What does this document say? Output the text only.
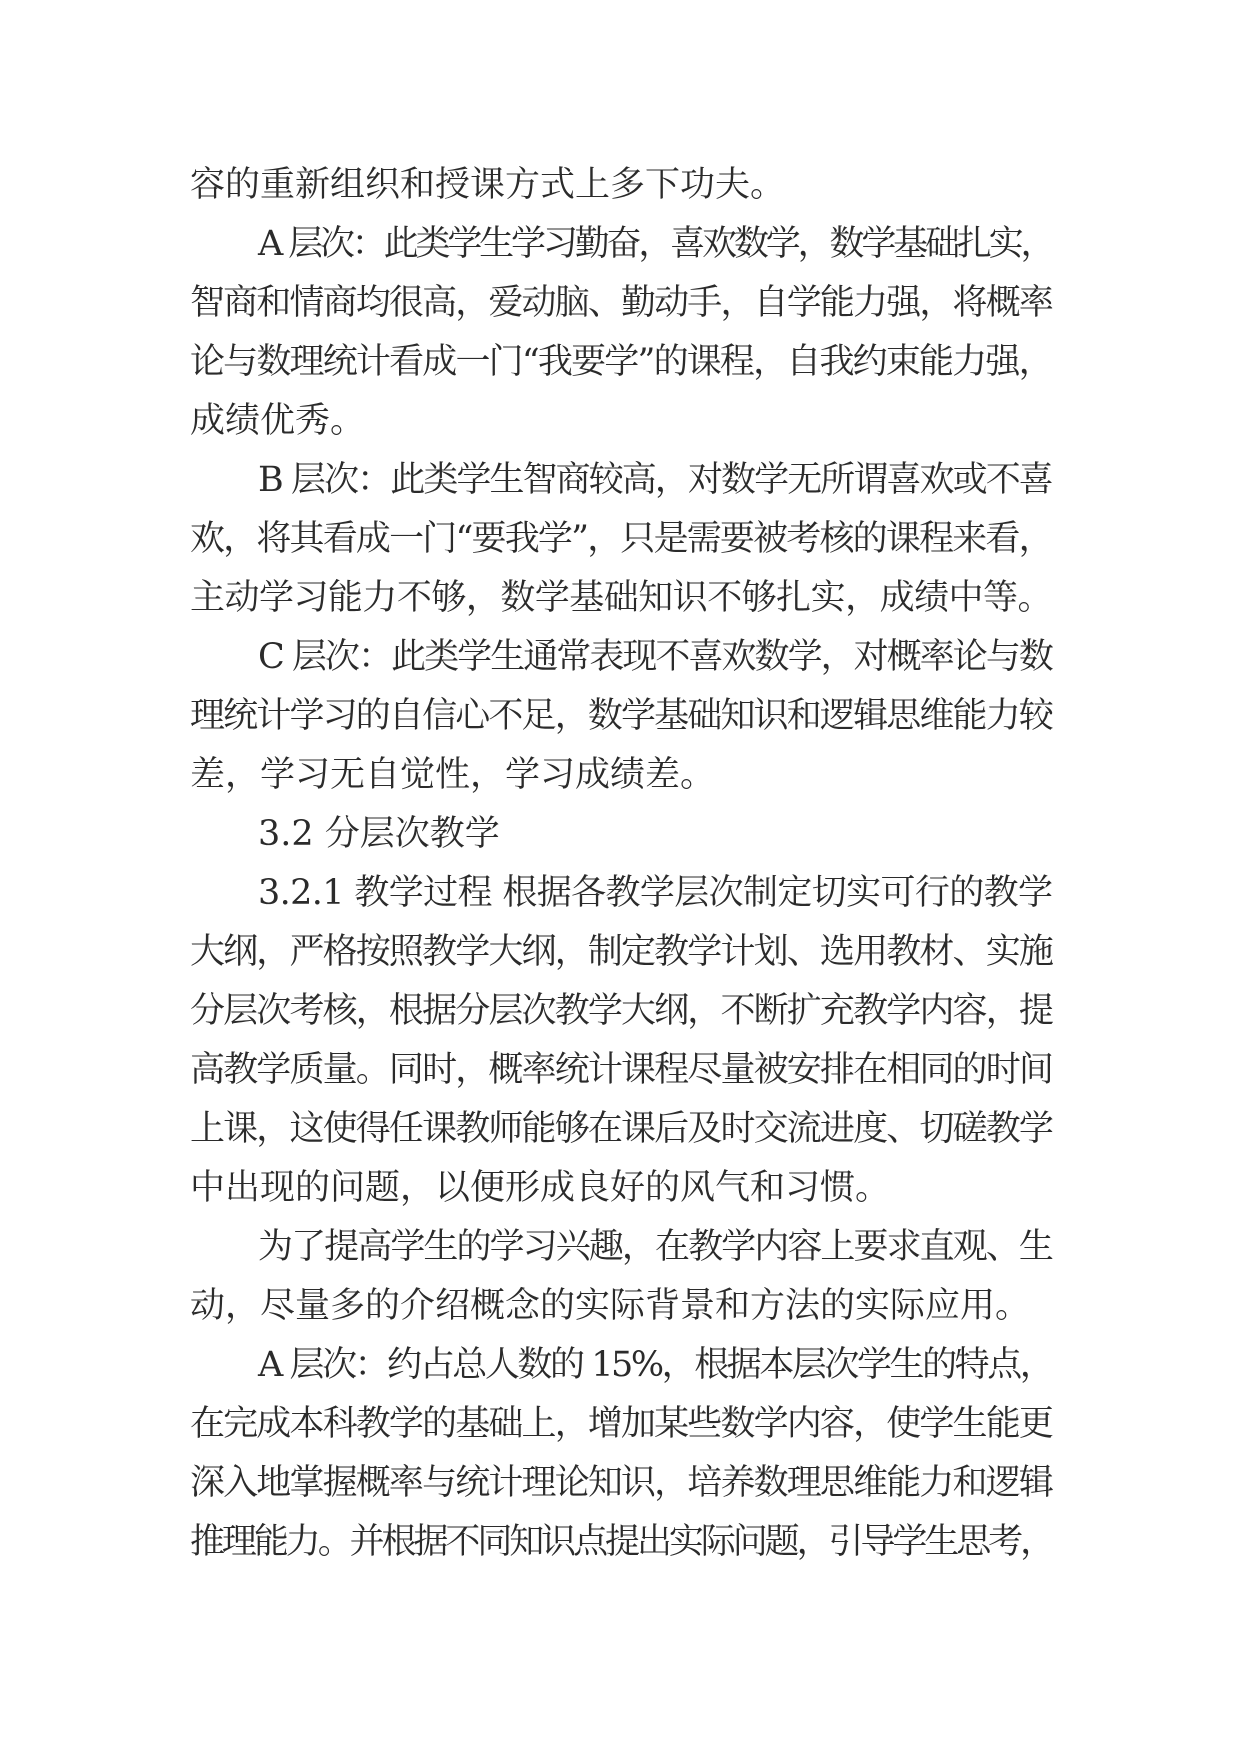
容的重新组织和授课方式上多下功夫。
A 层次：此类学生学习勤奋，喜欢数学，数学基础扎实，
智商和情商均很高，爱动脑、勤动手，自学能力强，将概率
论与数理统计看成一门“我要学”的课程，自我约束能力强，
成绩优秀。
B 层次：此类学生智商较高，对数学无所谓喜欢或不喜
欢，将其看成一门“要我学”，只是需要被考核的课程来看，
主动学习能力不够，数学基础知识不够扎实，成绩中等。
C 层次：此类学生通常表现不喜欢数学，对概率论与数
理统计学习的自信心不足，数学基础知识和逻辑思维能力较
差，学习无自觉性，学习成绩差。
3.2 分层次教学
3.2.1 教学过程 根据各教学层次制定切实可行的教学
大纲，严格按照教学大纲，制定教学计划、选用教材、实施
分层次考核，根据分层次教学大纲，不断扩充教学内容，提
高教学质量。同时，概率统计课程尽量被安排在相同的时间
上课，这使得任课教师能够在课后及时交流进度、切磋教学
中出现的问题，以便形成良好的风气和习惯。
为了提高学生的学习兴趣，在教学内容上要求直观、生
动，尽量多的介绍概念的实际背景和方法的实际应用。
A 层次：约占总人数的 15%，根据本层次学生的特点，
在完成本科教学的基础上，增加某些数学内容，使学生能更
深入地掌握概率与统计理论知识，培养数理思维能力和逻辑
推理能力。并根据不同知识点提出实际问题，引导学生思考，
